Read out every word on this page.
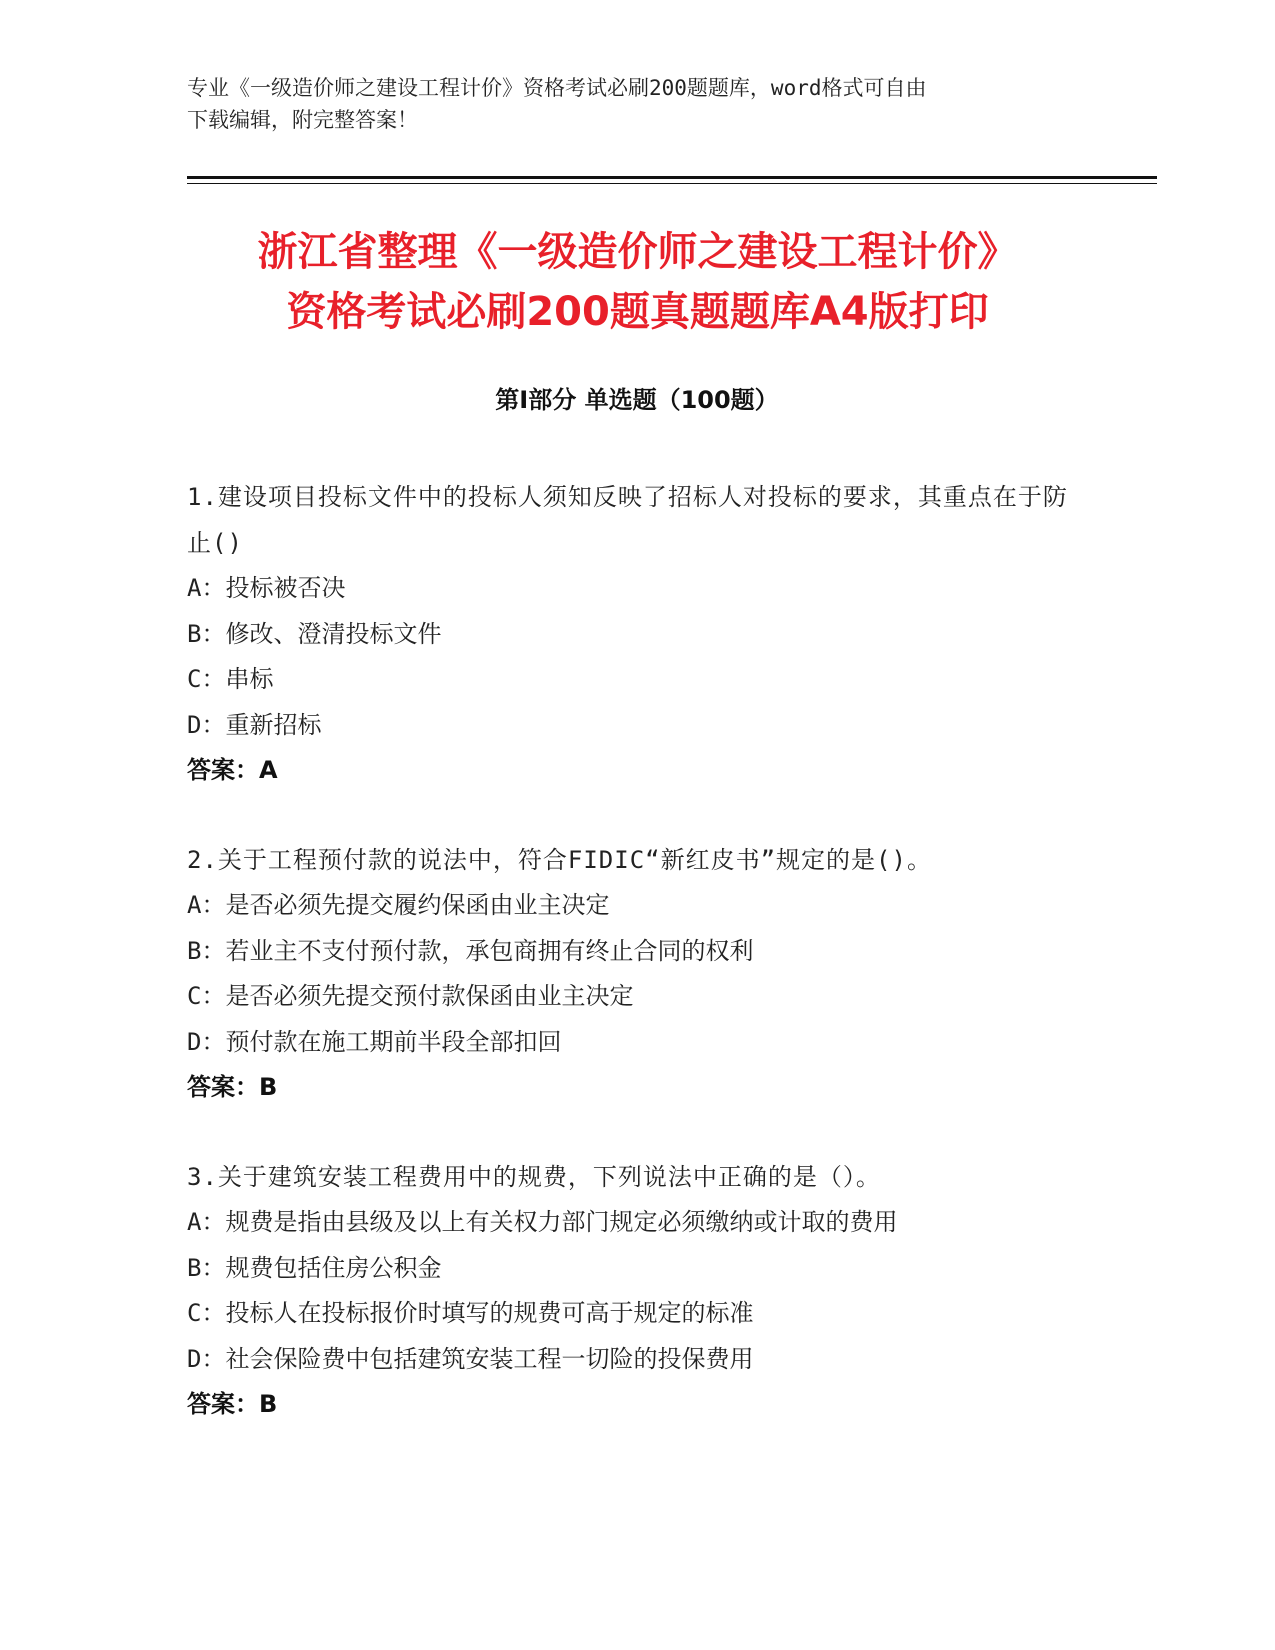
专业《一级造价师之建设工程计价》资格考试必刷200题题库，word格式可自由
下载编辑，附完整答案！
浙江省整理《一级造价师之建设工程计价》
资格考试必刷200题真题题库A4版打印
第I部分 单选题（100题）
1.建设项目投标文件中的投标人须知反映了招标人对投标的要求，其重点在于防止()
A：投标被否决
B：修改、澄清投标文件
C：串标
D：重新招标
答案：A
2.关于工程预付款的说法中，符合FIDIC“新红皮书”规定的是()。
A：是否必须先提交履约保函由业主决定
B：若业主不支付预付款，承包商拥有终止合同的权利
C：是否必须先提交预付款保函由业主决定
D：预付款在施工期前半段全部扣回
答案：B
3.关于建筑安装工程费用中的规费，下列说法中正确的是（）。
A：规费是指由县级及以上有关权力部门规定必须缴纳或计取的费用
B：规费包括住房公积金
C：投标人在投标报价时填写的规费可高于规定的标准
D：社会保险费中包括建筑安装工程一切险的投保费用
答案：B
